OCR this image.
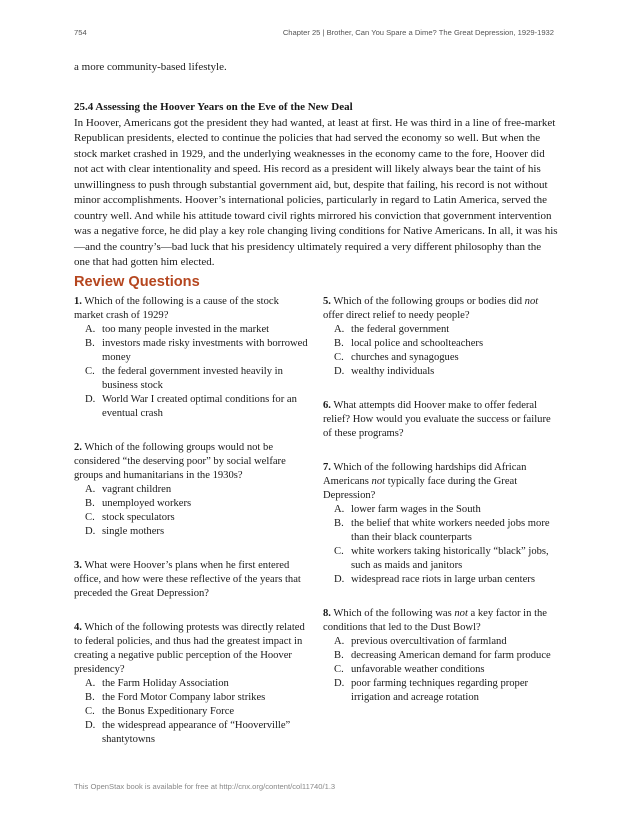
754	Chapter 25 | Brother, Can You Spare a Dime? The Great Depression, 1929-1932
a more community-based lifestyle.
25.4 Assessing the Hoover Years on the Eve of the New Deal

In Hoover, Americans got the president they had wanted, at least at first. He was third in a line of free-market Republican presidents, elected to continue the policies that had served the economy so well. But when the stock market crashed in 1929, and the underlying weaknesses in the economy came to the fore, Hoover did not act with clear intentionality and speed. His record as a president will likely always bear the taint of his unwillingness to push through substantial government aid, but, despite that failing, his record is not without minor accomplishments. Hoover’s international policies, particularly in regard to Latin America, served the country well. And while his attitude toward civil rights mirrored his conviction that government intervention was a negative force, he did play a key role changing living conditions for Native Americans. In all, it was his—and the country’s—bad luck that his presidency ultimately required a very different philosophy than the one that had gotten him elected.

Review Questions

1. Which of the following is a cause of the stock market crash of 1929?

A. too many people invested in the market
B. investors made risky investments with borrowed money
C. the federal government invested heavily in business stock
D. World War I created optimal conditions for an eventual crash

2. Which of the following groups would not be considered “the deserving poor” by social welfare groups and humanitarians in the 1930s?

A. vagrant children
B. unemployed workers
C. stock speculators
D. single mothers

3. What were Hoover’s plans when he first entered office, and how were these reflective of the years that preceded the Great Depression?

4. Which of the following protests was directly related to federal policies, and thus had the greatest impact in creating a negative public perception of the Hoover presidency?

A. the Farm Holiday Association
B. the Ford Motor Company labor strikes
C. the Bonus Expeditionary Force
D. the widespread appearance of “Hooverville” shantytowns

5. Which of the following groups or bodies did not offer direct relief to needy people?

A. the federal government
B. local police and schoolteachers
C. churches and synagogues
D. wealthy individuals

6. What attempts did Hoover make to offer federal relief? How would you evaluate the success or failure of these programs?

7. Which of the following hardships did African Americans not typically face during the Great Depression?

A. lower farm wages in the South
B. the belief that white workers needed jobs more than their black counterparts
C. white workers taking historically “black” jobs, such as maids and janitors
D. widespread race riots in large urban centers

8. Which of the following was not a key factor in the conditions that led to the Dust Bowl?

A. previous overcultivation of farmland
B. decreasing American demand for farm produce
C. unfavorable weather conditions
D. poor farming techniques regarding proper irrigation and acreage rotation
This OpenStax book is available for free at http://cnx.org/content/col11740/1.3
